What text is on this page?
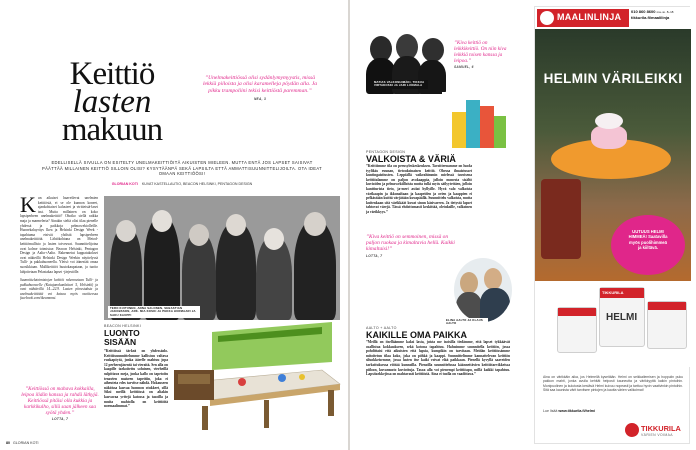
Keittiö
lasten
makuun
”Unelmakeittiössä olisi sydänlymymyystis, missä lekkiä piiloista ja olisi karamelleja pöydän alla. Ja pikku trampoliini tekisi keittiöstä paremman.”
NEA, 3
EDELLISELLÄ SIVULLA ON ESITELTY UNELMAKEITTIÖITÄ AIKUISTEN MIELEEN. MUTTA ENTÄ JOS LAPSET SAISIVAT PÄÄTTÄÄ MILLAINEN KEITTIÖ SILLOIN OLISI? KYSYTÄÄNPÄ SEKÄ LAPSILTA ETTÄ AMMATTISUUNNITTELIJOILTA. OTA IDEAT OMAAN KEITTIÖÖSI!
GLORIAN KOTI KUVAT KASTELLAUTIO, BEACON HELSINKI, PENTAGON DESIGN
K un aikuiset haaveilevat unelmien keittiöstä, ei se ole kunnon koneet, ajankohtaiset kalusteet ja viritteistä-laset tast. Mutta millainen on koko lapsiperheen unelmakeittiö? Ohoiko siellä raikka maja ja marmeleria? Ainakin sieltä olisi tilaa pienelle yhdessä ja paikkoja pelmowekiolleille. Huonekaluyritys Ikea ja Helsinki Design Week -tapahtuma etsivät yhdistä lapsiperheen unelmakeittiötä. Lähtökohtana on Metod-keittiömallisto ja lasten toiveuvat. Suunnittelijoina ovat kolme toimistoa: Beacon Helsinki, Pentagon Design ja Aalto+Aalto. Rakennetut kuppatukokset ovat näkteillä Helsinki Design Weekin näyttelyssä Tulli- ja pakkahuoneella. Yleisö voi äänestää omaa suosikkiaan. Mallikeittiöt huutokaupataan, ja tuotto lahjoitetaan Pelastakaa lapset -järjestölle.
Suunnittelutoimistojen keittiöt rakennetaan Tulli- ja pakkahuoneelle (Katajanokanlaituri 5, Helsinki) ja ovat nähtävillä 14.–22.9. Lasten piirustuksia ja unelmakeittiöitä voi katsoa myös osoitteessa facebook.com/ikeamonsi.
”Keittiössä on mahava kokkailla, leipoa ilidän kanssa ja rahdä lätkyjä. Keittiössä pitäisi olla kukkia ja karkkikulho, sillä saan jälkeen saa syötä yhden.”
LOTTA, 7
TERO KUITUNEN, ANNA SALONEN, SEBASTIAN JAKOBSSON, ARK. MIA KOSKI JA PEKKA HURMAARI JA SAKU KAUPPI
BEACON HELSINKI
LUONTO SISÄÄN
”Keittiössä tärkeä on yhdessäolo. Keittiösuunnittelumme kallistuu valtava ruokapöytä, jonka äärelle mahtuu jopa 12 perheenjäsentä tai vieraitä. Sen alla on kaapille tarkoitettu soluinen, vierheillä sulpittava meja, jonka kallo on tapetoitu tenavien maiseen tapettiin, joka ei aiheuteta edes tarvitse nähdä. Hokauseen näköissa kasvaa luonnon otukkeet, sillä Siksi meillä keittiössä on aliakin kasvavaa yrttejä katossa ja tasoilla ja muita mahtolla on keittiöitä normaalimmat.”
80 GLORIAN KOTI
MATIAS VALKONHIMÄKI, TIKKUA VIRTAKOSKI JA JARI LUOMALA
”Kiva keittiö on leikkikeittiö. On niin kiva leikkiä toisen kanssa ja leipoa.”
SAMUEL, 6
PENTAGON DESIGN
VALKOISTA & VÄRIÄ
”Keittiömme tila on perusyleskeskeuksen. Tavoitteenamme on luoda tyylikäs ruunan, tietouksinaisen keittiö. Ohessa ilmaistusset kuntingaistiusten. Leppiällä vaikeahimmin mielessä tavoisena keittiöalamme on paljon avokaappia, jolloin monesta sisältö kuvioiden ja pelmowekiilloista mutta tulki myös säilyytettäen, jolloin kanttiurista tieto, ja-meri astiat hyllyille. Hyvä valo valkoista värikaapin ja ikkunaltaan ja kaapeiden ja ovien ja kaappien ei pelkästään kuittä värjätään kuvapäällä. Suunnittelu valkoista, mutta kuitenkaan sitä värikkäät kuvat sinun käsivarren. Ja tietystä lapset tahtovat värejä. Tässä ehdottomasti keskittää, oletuksille, valkoinen ja värikkyys.”
”Kiva keittiö on semmoinen, missä on paljon ruokaa ja kimaltavia hellä. Kaikki kimaltaisi!”
LOTTA, 7
ELINA AALTO JA KLAUS AALTO
AALTO + AALTO
KAIKILLE OMA PAIKKA
”Meillä on itselläämme kaksi lasta, joista me isoisilla tiedämme, että lapset tykkäävät osallistua kokkaukseen, sekä kotona tapahtuu. Halusimme suunnitella keittiön, jossa pohdittaisi että aikuisten että lapsia, kumpikin on tarvitaan. Meidän keittiössämme mitoitetun tilaa koko, joka on pöhkä ja kaappi. Suunnittelimme kannattelevan keittiön siluokkeisemme, jossa lasten itse kaiki voivat elää paikkaan. Pienellä kyvyllä saaveiden tarkoituksessa riittää kunnoilla. Pienoilla suunnittelussa käännettävien keittiötarvikkeissa piiloon, kuvamuoto kuviottuja. Tasoa alla voi pienempi keittiöapu, millä kaikki tapahtuu. Lapsitarkkejissa on mahtavasti keittiöstä. Aina ei tuolla on vaadittava.”
MAALINLINJA
010 860 8600 ma.-to. 8–18
tikkurila.fi/maalilinja
HELMIN VÄRILEIKKI
UUTUUS HELMI
HIMMEÄ! Saatavilla
myös puolihimmeä
ja kiiltävä.
TIKKURILA
HELMI
Aina on värikkäin aika, jos Helmellä kyseitään. Helmi on seikkailemisen ja hoppuiin puku pakkon mahti, jonka avulla kehität helposti kauneutta ja värikkyyttä kaikin pintoihin. Monipuolinen ja kulutusta kestävä Helmi kuivuu nopeasti ja tarttuu hyvin vaativinkin pintoihin. Sitä saa kaunista värit tarvitsee pintojen ja kautta värien valikoimat!
Lue lisää www.tikkurila.fi/helmi
TIKKURILA
VÄRIEN VOIMAA
